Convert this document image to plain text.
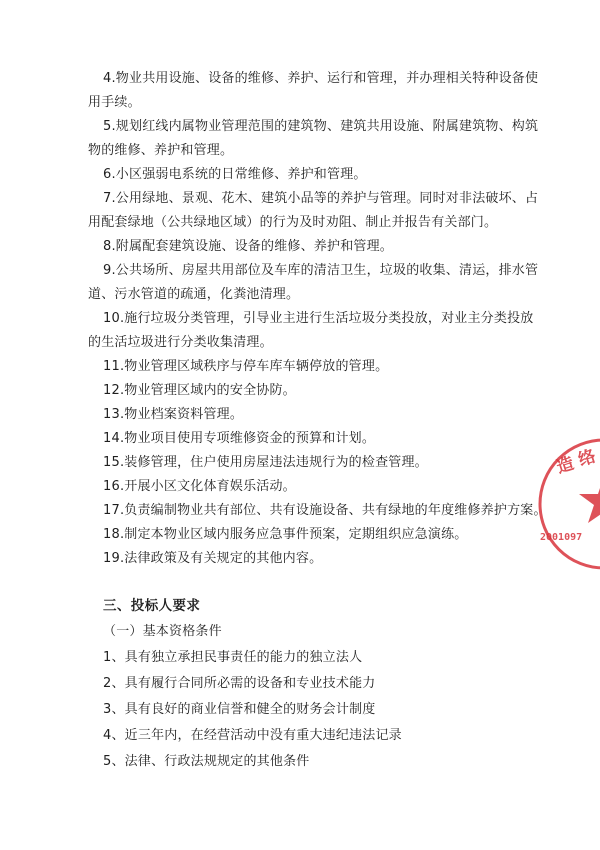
4.物业共用设施、设备的维修、养护、运行和管理，并办理相关特种设备使
用手续。
5.规划红线内属物业管理范围的建筑物、建筑共用设施、附属建筑物、构筑
物的维修、养护和管理。
6.小区强弱电系统的日常维修、养护和管理。
7.公用绿地、景观、花木、建筑小品等的养护与管理。同时对非法破坏、占
用配套绿地（公共绿地区域）的行为及时劝阻、制止并报告有关部门。
8.附属配套建筑设施、设备的维修、养护和管理。
9.公共场所、房屋共用部位及车库的清洁卫生，垃圾的收集、清运，排水管
道、污水管道的疏通，化粪池清理。
10.施行垃圾分类管理，引导业主进行生活垃圾分类投放，对业主分类投放
的生活垃圾进行分类收集清理。
11.物业管理区域秩序与停车库车辆停放的管理。
12.物业管理区域内的安全协防。
13.物业档案资料管理。
14.物业项目使用专项维修资金的预算和计划。
15.装修管理，住户使用房屋违法违规行为的检查管理。
16.开展小区文化体育娱乐活动。
17.负责编制物业共有部位、共有设施设备、共有绿地的年度维修养护方案。
18.制定本物业区域内服务应急事件预案，定期组织应急演练。
19.法律政策及有关规定的其他内容。
三、投标人要求
（一）基本资格条件
1、具有独立承担民事责任的能力的独立法人
2、具有履行合同所必需的设备和专业技术能力
3、具有良好的商业信誉和健全的财务会计制度
4、近三年内，在经营活动中没有重大违纪违法记录
5、法律、行政法规规定的其他条件
造 络
2001097
